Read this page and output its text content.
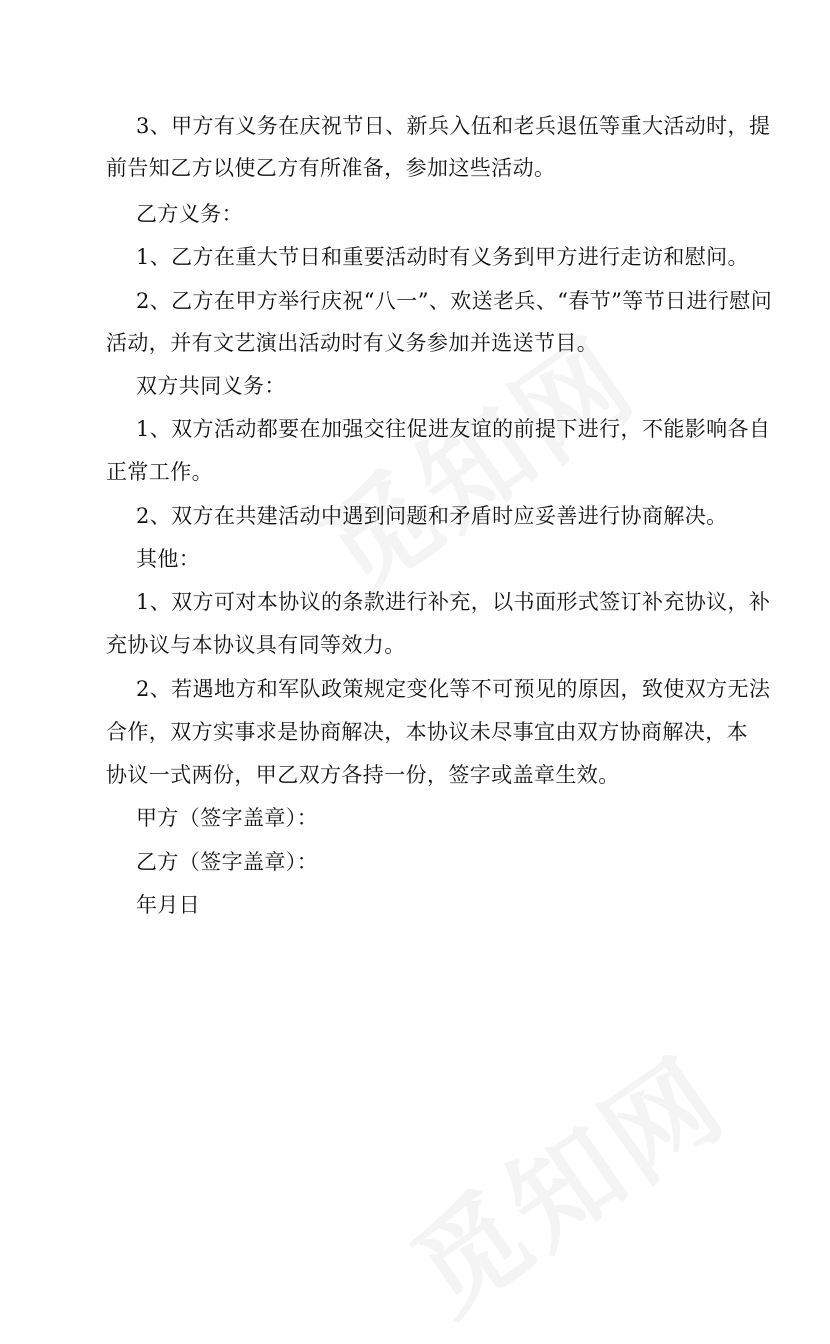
3、甲方有义务在庆祝节日、新兵入伍和老兵退伍等重大活动时，提
前告知乙方以使乙方有所准备，参加这些活动。
乙方义务：
1、乙方在重大节日和重要活动时有义务到甲方进行走访和慰问。
2、乙方在甲方举行庆祝“八一”、欢送老兵、“春节”等节日进行慰问
活动，并有文艺演出活动时有义务参加并选送节目。
双方共同义务：
1、双方活动都要在加强交往促进友谊的前提下进行，不能影响各自
正常工作。
2、双方在共建活动中遇到问题和矛盾时应妥善进行协商解决。
其他：
1、双方可对本协议的条款进行补充，以书面形式签订补充协议，补
充协议与本协议具有同等效力。
2、若遇地方和军队政策规定变化等不可预见的原因，致使双方无法
合作，双方实事求是协商解决，本协议未尽事宜由双方协商解决，本
协议一式两份，甲乙双方各持一份，签字或盖章生效。
甲方（签字盖章）：
乙方（签字盖章）：
年月日
